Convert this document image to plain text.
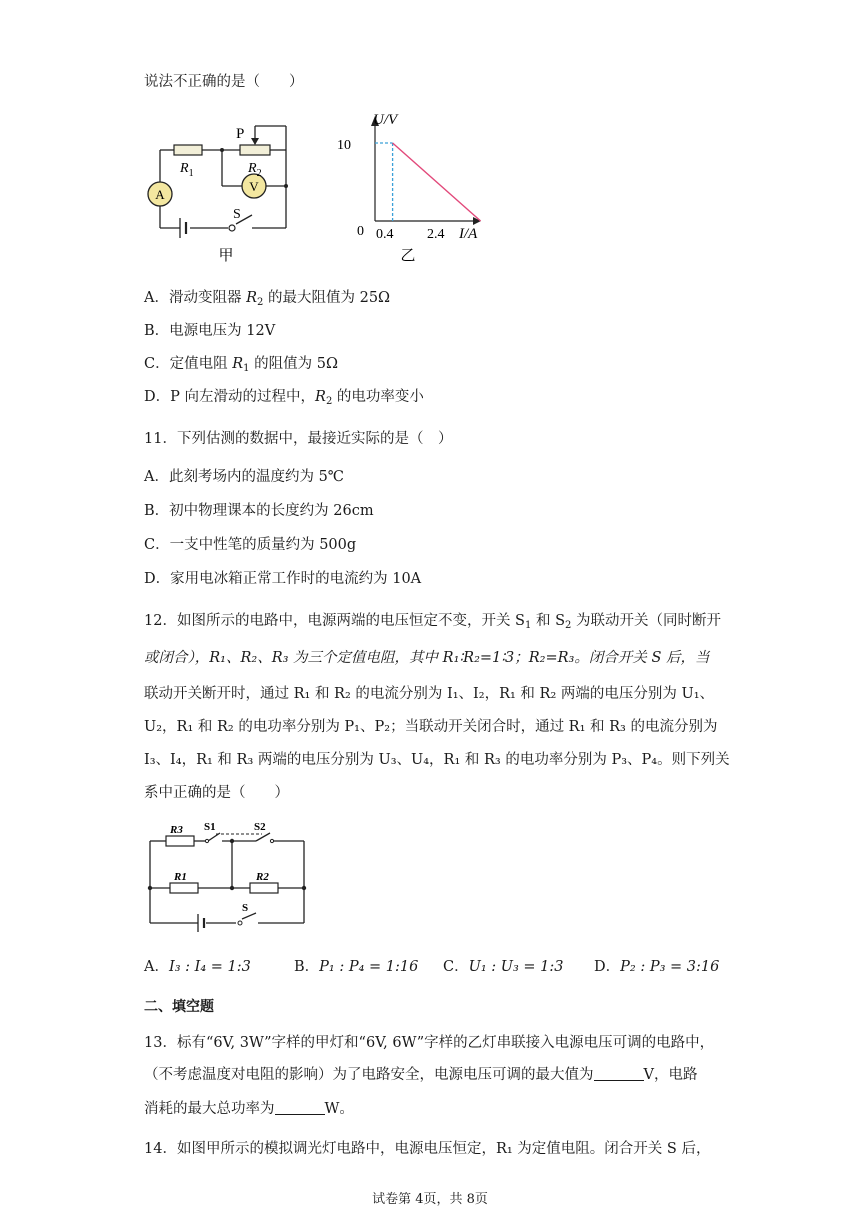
说法不正确的是（　　）
P
$R_1$	$R_2$
A
V
S
甲
U/V
I/A
0
10
0.4 2.4
乙
A．滑动变阻器 $R_2$ 的最大阻值为 25Ω
B．电源电压为 12V
C．定值电阻 $R_1$ 的阻值为 5Ω
D．P 向左滑动的过程中，$R_2$ 的电功率变小
11．下列估测的数据中，最接近实际的是（　）
A．此刻考场内的温度约为 5℃
B．初中物理课本的长度约为 26cm
C．一支中性笔的质量约为 500g
D．家用电冰箱正常工作时的电流约为 10A
12．如图所示的电路中，电源两端的电压恒定不变，开关 $S_1$ 和 $S_2$ 为联动开关（同时断开
或闭合），R₁、R₂、R₃ 为三个定值电阻，其中 R₁∶R₂=1∶3；R₂=R₃。闭合开关 S 后，当
联动开关断开时，通过 R₁ 和 R₂ 的电流分别为 I₁、I₂，R₁ 和 R₂ 两端的电压分别为 U₁、
U₂，R₁ 和 R₂ 的电功率分别为 P₁、P₂；当联动开关闭合时，通过 R₁ 和 R₃ 的电流分别为
I₃、I₄，R₁ 和 R₃ 两端的电压分别为 U₃、U₄，R₁ 和 R₃ 的电功率分别为 P₃、P₄。则下列关
系中正确的是（　　）
R3 S1	S2
R1	R2
S
A．I₃ : I₄ = 1:3	B．P₁ : P₄ = 1:16 C．U₁ : U₃ = 1:3 D．P₂ : P₃ = 3:16
二、填空题
13．标有“6V, 3W”字样的甲灯和“6V, 6W”字样的乙灯串联接入电源电压可调的电路中，
（不考虑温度对电阻的影响）为了电路安全，电源电压可调的最大值为	V，电路
消耗的最大总功率为	W。
14．如图甲所示的模拟调光灯电路中，电源电压恒定，R₁ 为定值电阻。闭合开关 S 后，
试卷第 4页，共 8页
